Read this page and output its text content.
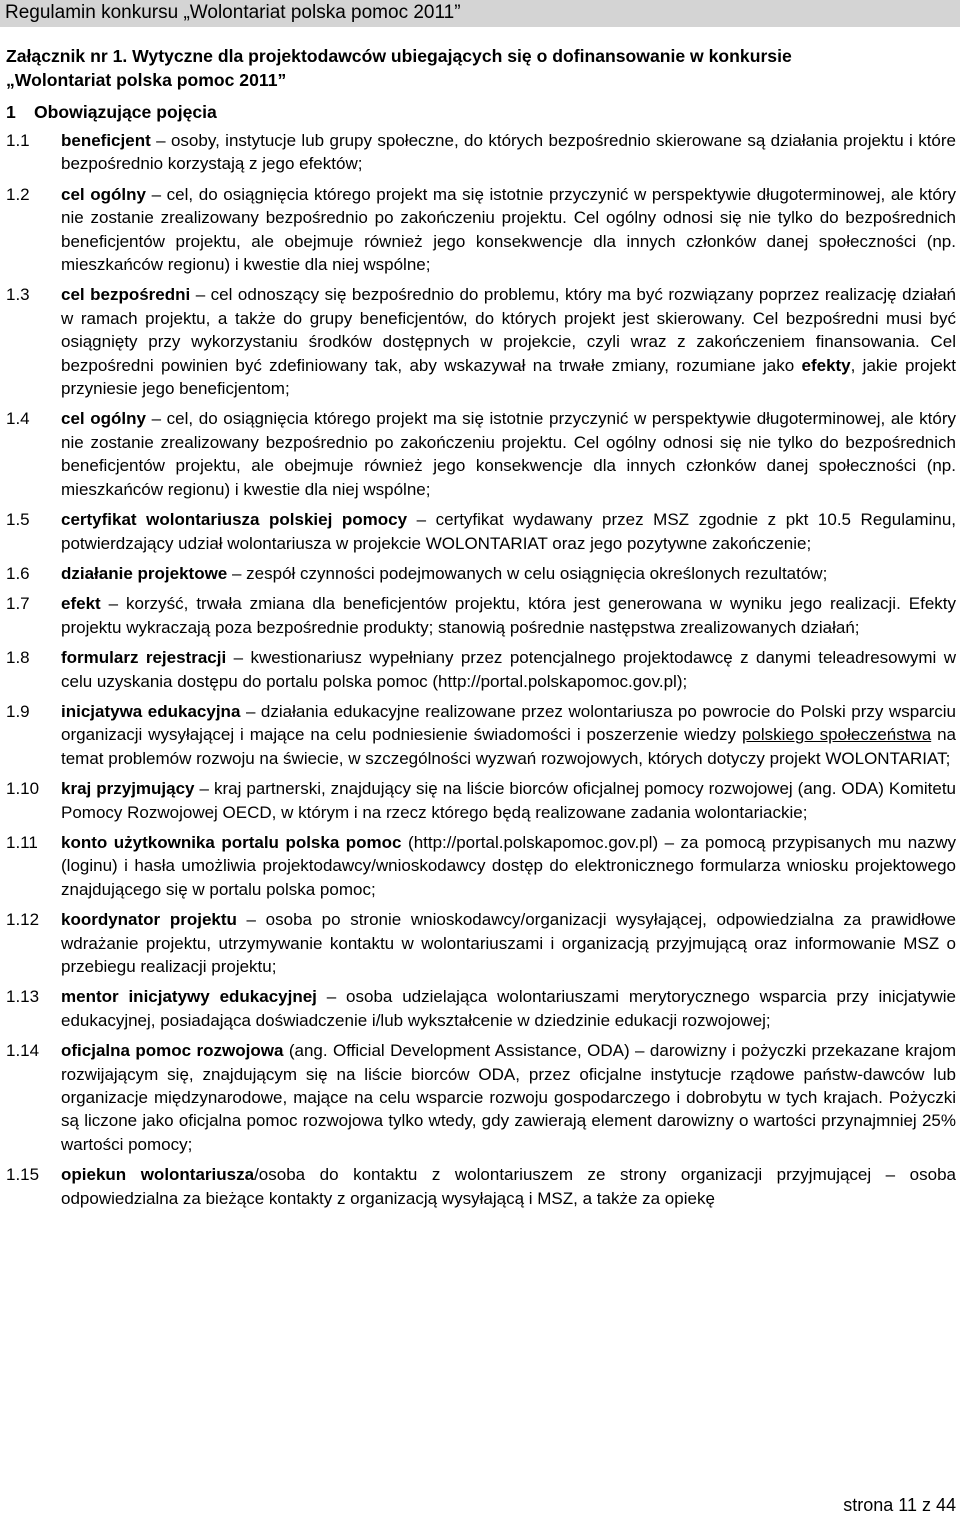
Regulamin konkursu „Wolontariat polska pomoc 2011”

Załącznik nr 1. Wytyczne dla projektodawców ubiegających się o dofinansowanie w konkursie
„Wolontariat polska pomoc 2011”

1 Obowiązujące pojęcia

1.1	beneficjent – osoby, instytucje lub grupy społeczne, do których bezpośrednio skierowane są działania projektu i które bezpośrednio korzystają z jego efektów;
1.2	cel ogólny – cel, do osiągnięcia którego projekt ma się istotnie przyczynić w perspektywie długoterminowej, ale który nie zostanie zrealizowany bezpośrednio po zakończeniu projektu. Cel ogólny odnosi się nie tylko do bezpośrednich beneficjentów projektu, ale obejmuje również jego konsekwencje dla innych członków danej społeczności (np. mieszkańców regionu) i kwestie dla niej wspólne;
1.3	cel bezpośredni – cel odnoszący się bezpośrednio do problemu, który ma być rozwiązany poprzez realizację działań w ramach projektu, a także do grupy beneficjentów, do których projekt jest skierowany. Cel bezpośredni musi być osiągnięty przy wykorzystaniu środków dostępnych w projekcie, czyli wraz z zakończeniem finansowania. Cel bezpośredni powinien być zdefiniowany tak, aby wskazywał na trwałe zmiany, rozumiane jako efekty, jakie projekt przyniesie jego beneficjentom;
1.4	cel ogólny – cel, do osiągnięcia którego projekt ma się istotnie przyczynić w perspektywie długoterminowej, ale który nie zostanie zrealizowany bezpośrednio po zakończeniu projektu. Cel ogólny odnosi się nie tylko do bezpośrednich beneficjentów projektu, ale obejmuje również jego konsekwencje dla innych członków danej społeczności (np. mieszkańców regionu) i kwestie dla niej wspólne;
1.5	certyfikat wolontariusza polskiej pomocy – certyfikat wydawany przez MSZ zgodnie z pkt 10.5 Regulaminu, potwierdzający udział wolontariusza w projekcie WOLONTARIAT oraz jego pozytywne zakończenie;
1.6	działanie projektowe – zespół czynności podejmowanych w celu osiągnięcia określonych rezultatów;
1.7	efekt – korzyść, trwała zmiana dla beneficjentów projektu, która jest generowana w wyniku jego realizacji. Efekty projektu wykraczają poza bezpośrednie produkty; stanowią pośrednie następstwa zrealizowanych działań;
1.8	formularz rejestracji – kwestionariusz wypełniany przez potencjalnego projektodawcę z danymi teleadresowymi w celu uzyskania dostępu do portalu polska pomoc (http://portal.polskapomoc.gov.pl);
1.9	inicjatywa edukacyjna – działania edukacyjne realizowane przez wolontariusza po powrocie do Polski przy wsparciu organizacji wysyłającej i mające na celu podniesienie świadomości i poszerzenie wiedzy polskiego społeczeństwa na temat problemów rozwoju na świecie, w szczególności wyzwań rozwojowych, których dotyczy projekt WOLONTARIAT;
1.10	kraj przyjmujący – kraj partnerski, znajdujący się na liście biorców oficjalnej pomocy rozwojowej (ang. ODA) Komitetu Pomocy Rozwojowej OECD, w którym i na rzecz którego będą realizowane zadania wolontariackie;
1.11	konto użytkownika portalu polska pomoc (http://portal.polskapomoc.gov.pl) – za pomocą przypisanych mu nazwy (loginu) i hasła umożliwia projektodawcy/wnioskodawcy dostęp do elektronicznego formularza wniosku projektowego znajdującego się w portalu polska pomoc;
1.12	koordynator projektu – osoba po stronie wnioskodawcy/organizacji wysyłającej, odpowiedzialna za prawidłowe wdrażanie projektu, utrzymywanie kontaktu w wolontariuszami i organizacją przyjmującą oraz informowanie MSZ o przebiegu realizacji projektu;
1.13	mentor inicjatywy edukacyjnej – osoba udzielająca wolontariuszami merytorycznego wsparcia przy inicjatywie edukacyjnej, posiadająca doświadczenie i/lub wykształcenie w dziedzinie edukacji rozwojowej;
1.14	oficjalna pomoc rozwojowa (ang. Official Development Assistance, ODA) – darowizny i pożyczki przekazane krajom rozwijającym się, znajdującym się na liście biorców ODA, przez oficjalne instytucje rządowe państw-dawców lub organizacje międzynarodowe, mające na celu wsparcie rozwoju gospodarczego i dobrobytu w tych krajach. Pożyczki są liczone jako oficjalna pomoc rozwojowa tylko wtedy, gdy zawierają element darowizny o wartości przynajmniej 25% wartości pomocy;
1.15	opiekun wolontariusza/osoba do kontaktu z wolontariuszem ze strony organizacji przyjmującej – osoba odpowiedzialna za bieżące kontakty z organizacją wysyłającą i MSZ, a także za opiekę
strona 11 z 44
